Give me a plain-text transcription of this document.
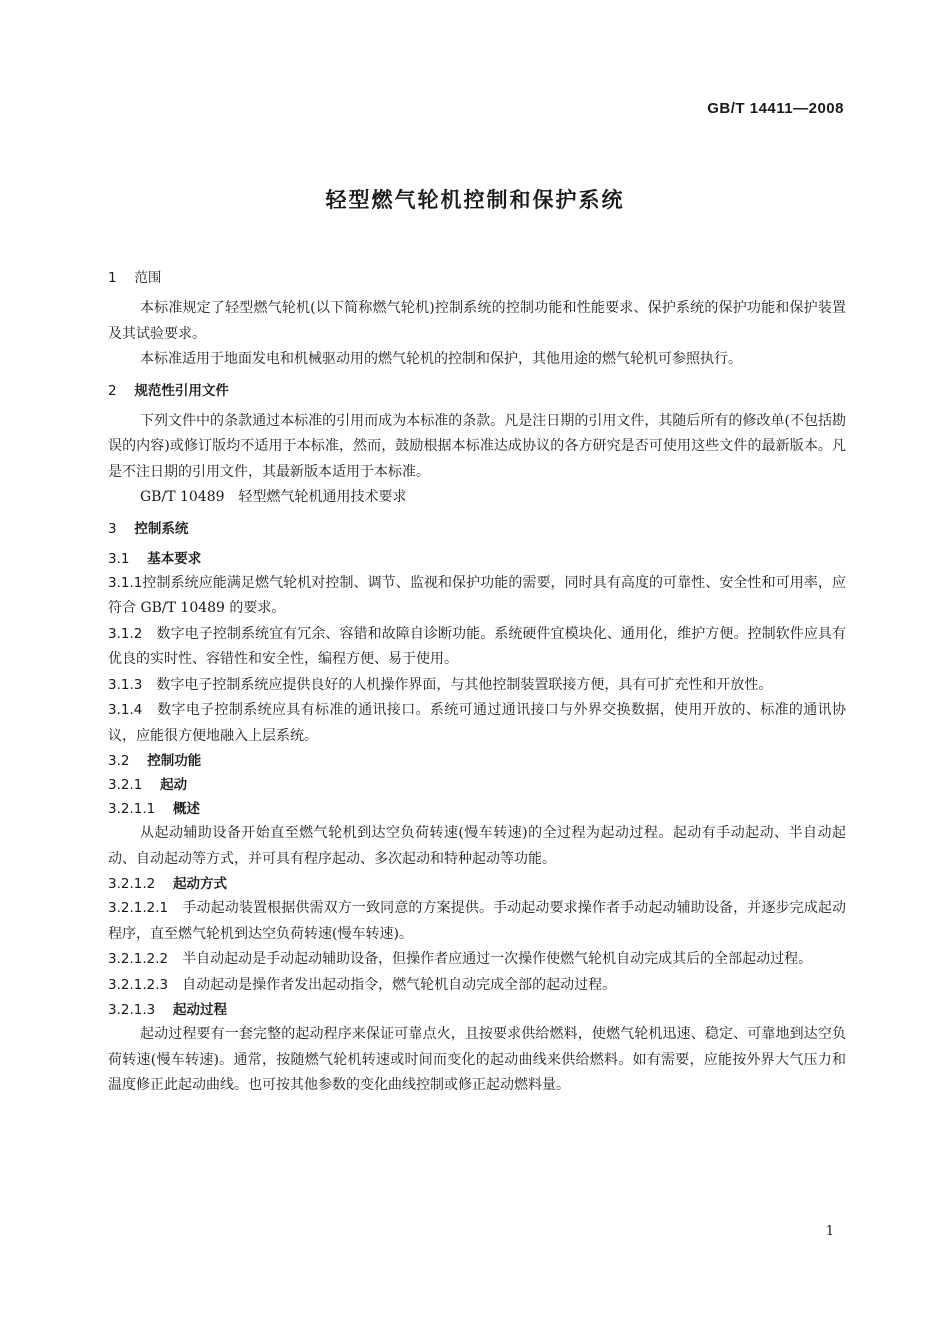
GB/T 14411—2008
轻型燃气轮机控制和保护系统
1　 范围

本标准规定了轻型燃气轮机(以下简称燃气轮机)控制系统的控制功能和性能要求、保护系统的保护功能和保护装置及其试验要求。

本标准适用于地面发电和机械驱动用的燃气轮机的控制和保护，其他用途的燃气轮机可参照执行。

2　 规范性引用文件

下列文件中的条款通过本标准的引用而成为本标准的条款。凡是注日期的引用文件，其随后所有的修改单(不包括勘误的内容)或修订版均不适用于本标准，然而，鼓励根据本标准达成协议的各方研究是否可使用这些文件的最新版本。凡是不注日期的引用文件，其最新版本适用于本标准。

GB/T 10489　轻型燃气轮机通用技术要求

3　 控制系统
3.1　 基本要求

3.1.1控制系统应能满足燃气轮机对控制、调节、监视和保护功能的需要，同时具有高度的可靠性、安全性和可用率，应符合 GB/T 10489 的要求。

3.1.2　 数字电子控制系统宜有冗余、容错和故障自诊断功能。系统硬件宜模块化、通用化，维护方便。控制软件应具有优良的实时性、容错性和安全性，编程方便、易于使用。

3.1.3　 数字电子控制系统应提供良好的人机操作界面，与其他控制装置联接方便，具有可扩充性和开放性。

3.1.4　 数字电子控制系统应具有标准的通讯接口。系统可通过通讯接口与外界交换数据，使用开放的、标准的通讯协议，应能很方便地融入上层系统。

3.2　 控制功能
3.2.1　 起动
3.2.1.1　 概述

从起动辅助设备开始直至燃气轮机到达空负荷转速(慢车转速)的全过程为起动过程。起动有手动起动、半自动起动、自动起动等方式，并可具有程序起动、多次起动和特种起动等功能。

3.2.1.2　 起动方式

3.2.1.2.1　 手动起动装置根据供需双方一致同意的方案提供。手动起动要求操作者手动起动辅助设备，并逐步完成起动程序，直至燃气轮机到达空负荷转速(慢车转速)。

3.2.1.2.2　 半自动起动是手动起动辅助设备，但操作者应通过一次操作使燃气轮机自动完成其后的全部起动过程。

3.2.1.2.3　 自动起动是操作者发出起动指令，燃气轮机自动完成全部的起动过程。

3.2.1.3　 起动过程

起动过程要有一套完整的起动程序来保证可靠点火，且按要求供给燃料，使燃气轮机迅速、稳定、可靠地到达空负荷转速(慢车转速)。通常，按随燃气轮机转速或时间而变化的起动曲线来供给燃料。如有需要，应能按外界大气压力和温度修正此起动曲线。也可按其他参数的变化曲线控制或修正起动燃料量。

1
